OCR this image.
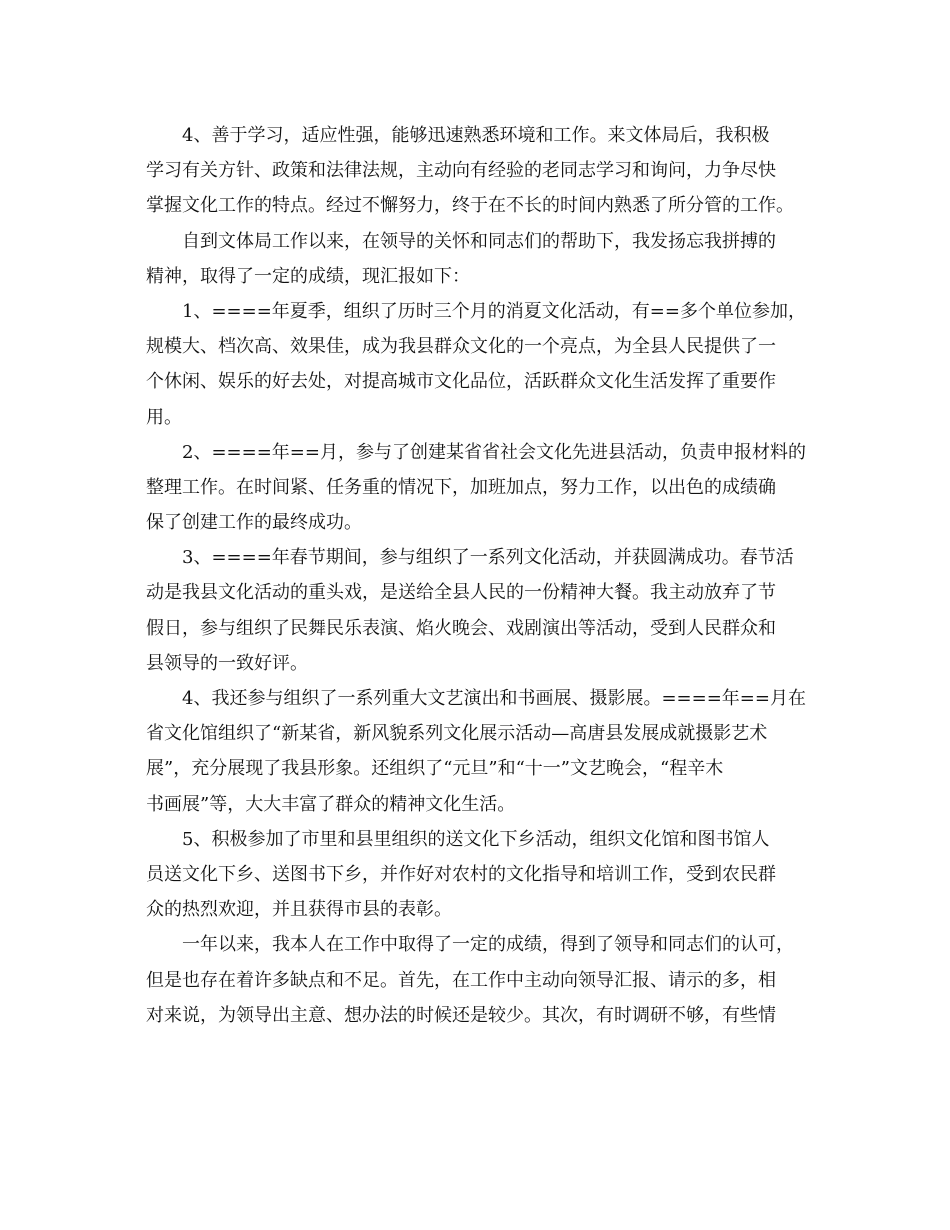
4、善于学习，适应性强，能够迅速熟悉环境和工作。来文体局后，我积极
学习有关方针、政策和法律法规，主动向有经验的老同志学习和询问，力争尽快
掌握文化工作的特点。经过不懈努力，终于在不长的时间内熟悉了所分管的工作。
自到文体局工作以来，在领导的关怀和同志们的帮助下，我发扬忘我拼搏的
精神，取得了一定的成绩，现汇报如下：
1、====年夏季，组织了历时三个月的消夏文化活动，有==多个单位参加，
规模大、档次高、效果佳，成为我县群众文化的一个亮点，为全县人民提供了一
个休闲、娱乐的好去处，对提高城市文化品位，活跃群众文化生活发挥了重要作
用。
2、====年==月，参与了创建某省省社会文化先进县活动，负责申报材料的
整理工作。在时间紧、任务重的情况下，加班加点，努力工作，以出色的成绩确
保了创建工作的最终成功。
3、====年春节期间，参与组织了一系列文化活动，并获圆满成功。春节活
动是我县文化活动的重头戏，是送给全县人民的一份精神大餐。我主动放弃了节
假日，参与组织了民舞民乐表演、焰火晚会、戏剧演出等活动，受到人民群众和
县领导的一致好评。
4、我还参与组织了一系列重大文艺演出和书画展、摄影展。====年==月在
省文化馆组织了“新某省，新风貌系列文化展示活动—高唐县发展成就摄影艺术
展”，充分展现了我县形象。还组织了“元旦”和“十一”文艺晚会，“程辛木
书画展”等，大大丰富了群众的精神文化生活。
5、积极参加了市里和县里组织的送文化下乡活动，组织文化馆和图书馆人
员送文化下乡、送图书下乡，并作好对农村的文化指导和培训工作，受到农民群
众的热烈欢迎，并且获得市县的表彰。
一年以来，我本人在工作中取得了一定的成绩，得到了领导和同志们的认可，
但是也存在着许多缺点和不足。首先，在工作中主动向领导汇报、请示的多，相
对来说，为领导出主意、想办法的时候还是较少。其次，有时调研不够，有些情
